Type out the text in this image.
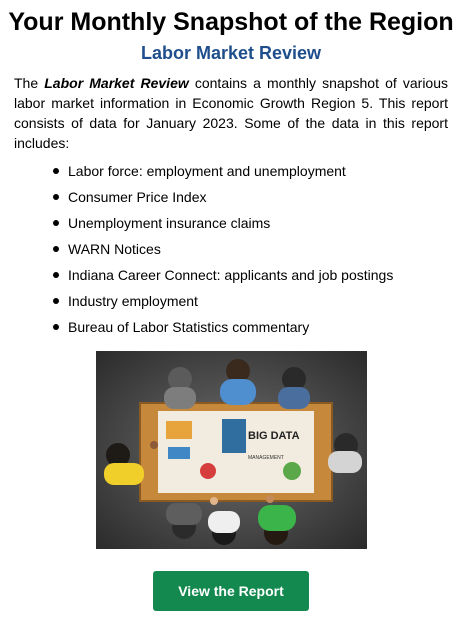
Your Monthly Snapshot of the Region
Labor Market Review

The Labor Market Review contains a monthly snapshot of various labor market information in Economic Growth Region 5. This report consists of data for January 2023. Some of the data in this report includes:

Labor force: employment and unemployment
Consumer Price Index
Unemployment insurance claims
WARN Notices
Indiana Career Connect: applicants and job postings
Industry employment
Bureau of Labor Statistics commentary
BIG DATA
MANAGEMENT
View the Report
